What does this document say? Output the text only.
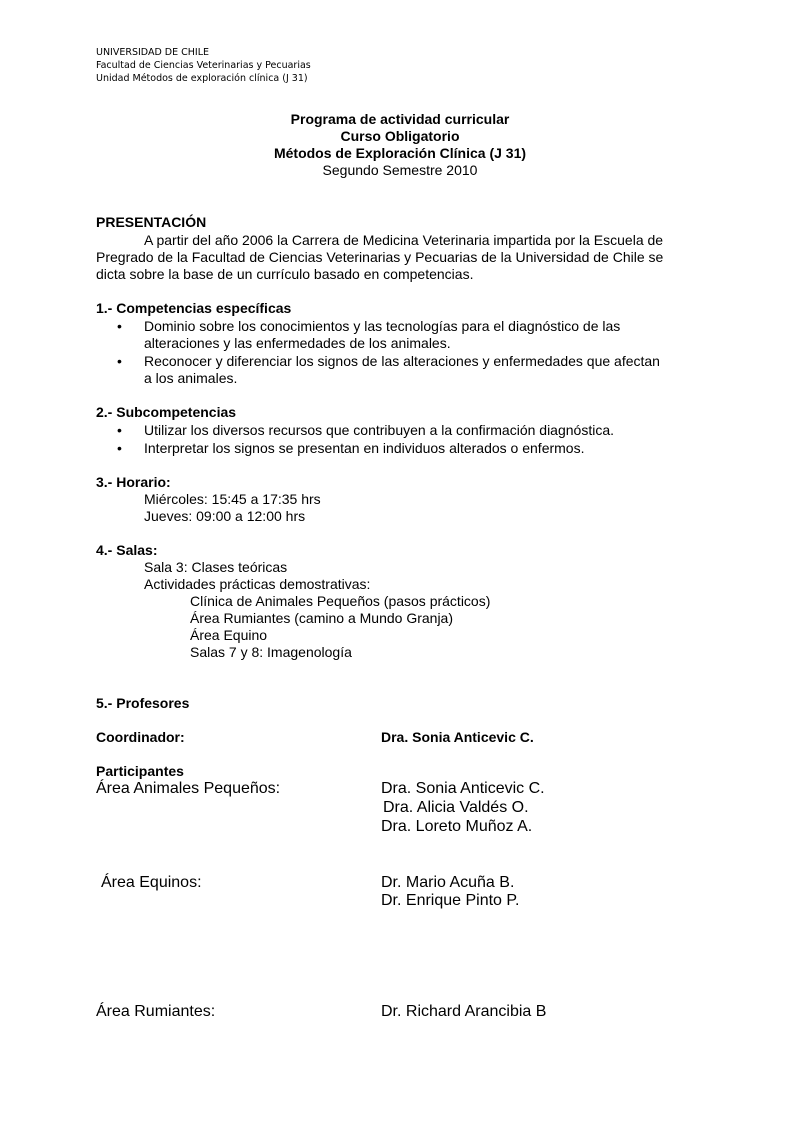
UNIVERSIDAD DE CHILE
Facultad de Ciencias Veterinarias y Pecuarias
Unidad Métodos de exploración clínica (J 31)
Programa de actividad curricular
Curso Obligatorio
Métodos de Exploración Clínica (J 31)
Segundo Semestre 2010
PRESENTACIÓN
A partir del año 2006 la Carrera de Medicina Veterinaria impartida por la Escuela de
Pregrado de la Facultad de Ciencias Veterinarias y Pecuarias de la Universidad de Chile se
dicta sobre la base de un currículo basado en competencias.
1.- Competencias específicas
• Dominio sobre los conocimientos y las tecnologías para el diagnóstico de las
alteraciones y las enfermedades de los animales.
• Reconocer y diferenciar los signos de las alteraciones y enfermedades que afectan
a los animales.
2.- Subcompetencias
• Utilizar los diversos recursos que contribuyen a la confirmación diagnóstica.
• Interpretar los signos se presentan en individuos alterados o enfermos.
3.- Horario:
Miércoles: 15:45 a 17:35 hrs
Jueves: 09:00 a 12:00 hrs
4.- Salas:
Sala 3: Clases teóricas
Actividades prácticas demostrativas:
Clínica de Animales Pequeños (pasos prácticos)
Área Rumiantes (camino a Mundo Granja)
Área Equino
Salas 7 y 8: Imagenología
5.- Profesores
Coordinador:	Dra. Sonia Anticevic C.
Participantes
Área Animales Pequeños:	Dra. Sonia Anticevic C.
Dra. Alicia Valdés O.
Dra. Loreto Muñoz A.
Área Equinos:	Dr. Mario Acuña B.
Dr. Enrique Pinto P.
Área Rumiantes:	Dr. Richard Arancibia B
